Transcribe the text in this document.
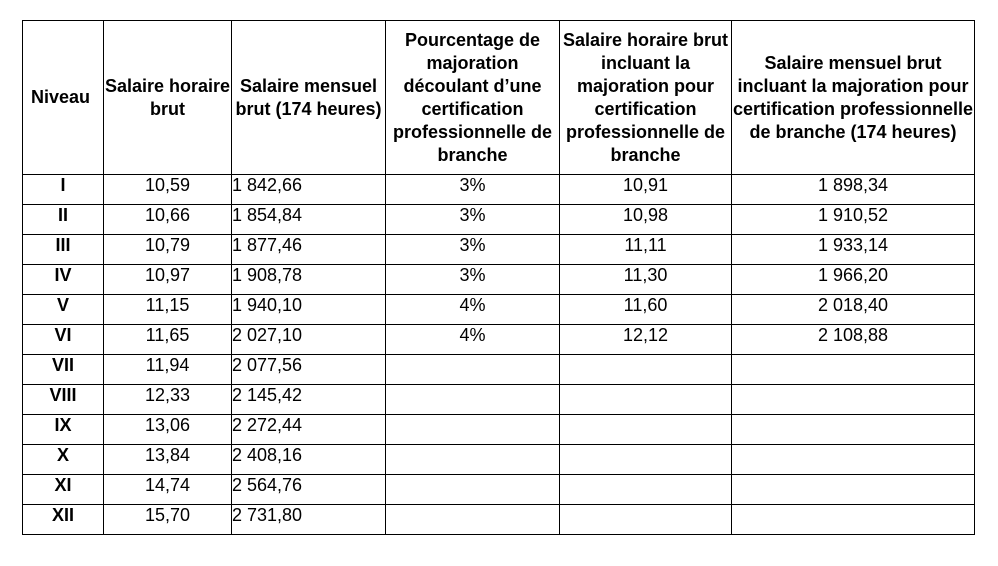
Niveau	Salaire horaire brut	Salaire mensuel brut (174 heures)	Pourcentage de majoration découlant d’une certification professionnelle de branche	Salaire horaire brut incluant la majoration pour certification professionnelle de branche	Salaire mensuel brut incluant la majoration pour certification professionnelle de branche (174 heures)
I	10,59	1 842,66	3%	10,91	1 898,34
II	10,66	1 854,84	3%	10,98	1 910,52
III	10,79	1 877,46	3%	11,11	1 933,14
IV	10,97	1 908,78	3%	11,30	1 966,20
V	11,15	1 940,10	4%	11,60	2 018,40
VI	11,65	2 027,10	4%	12,12	2 108,88
VII	11,94	2 077,56			
VIII	12,33	2 145,42			
IX	13,06	2 272,44			
X	13,84	2 408,16			
XI	14,74	2 564,76			
XII	15,70	2 731,80			
